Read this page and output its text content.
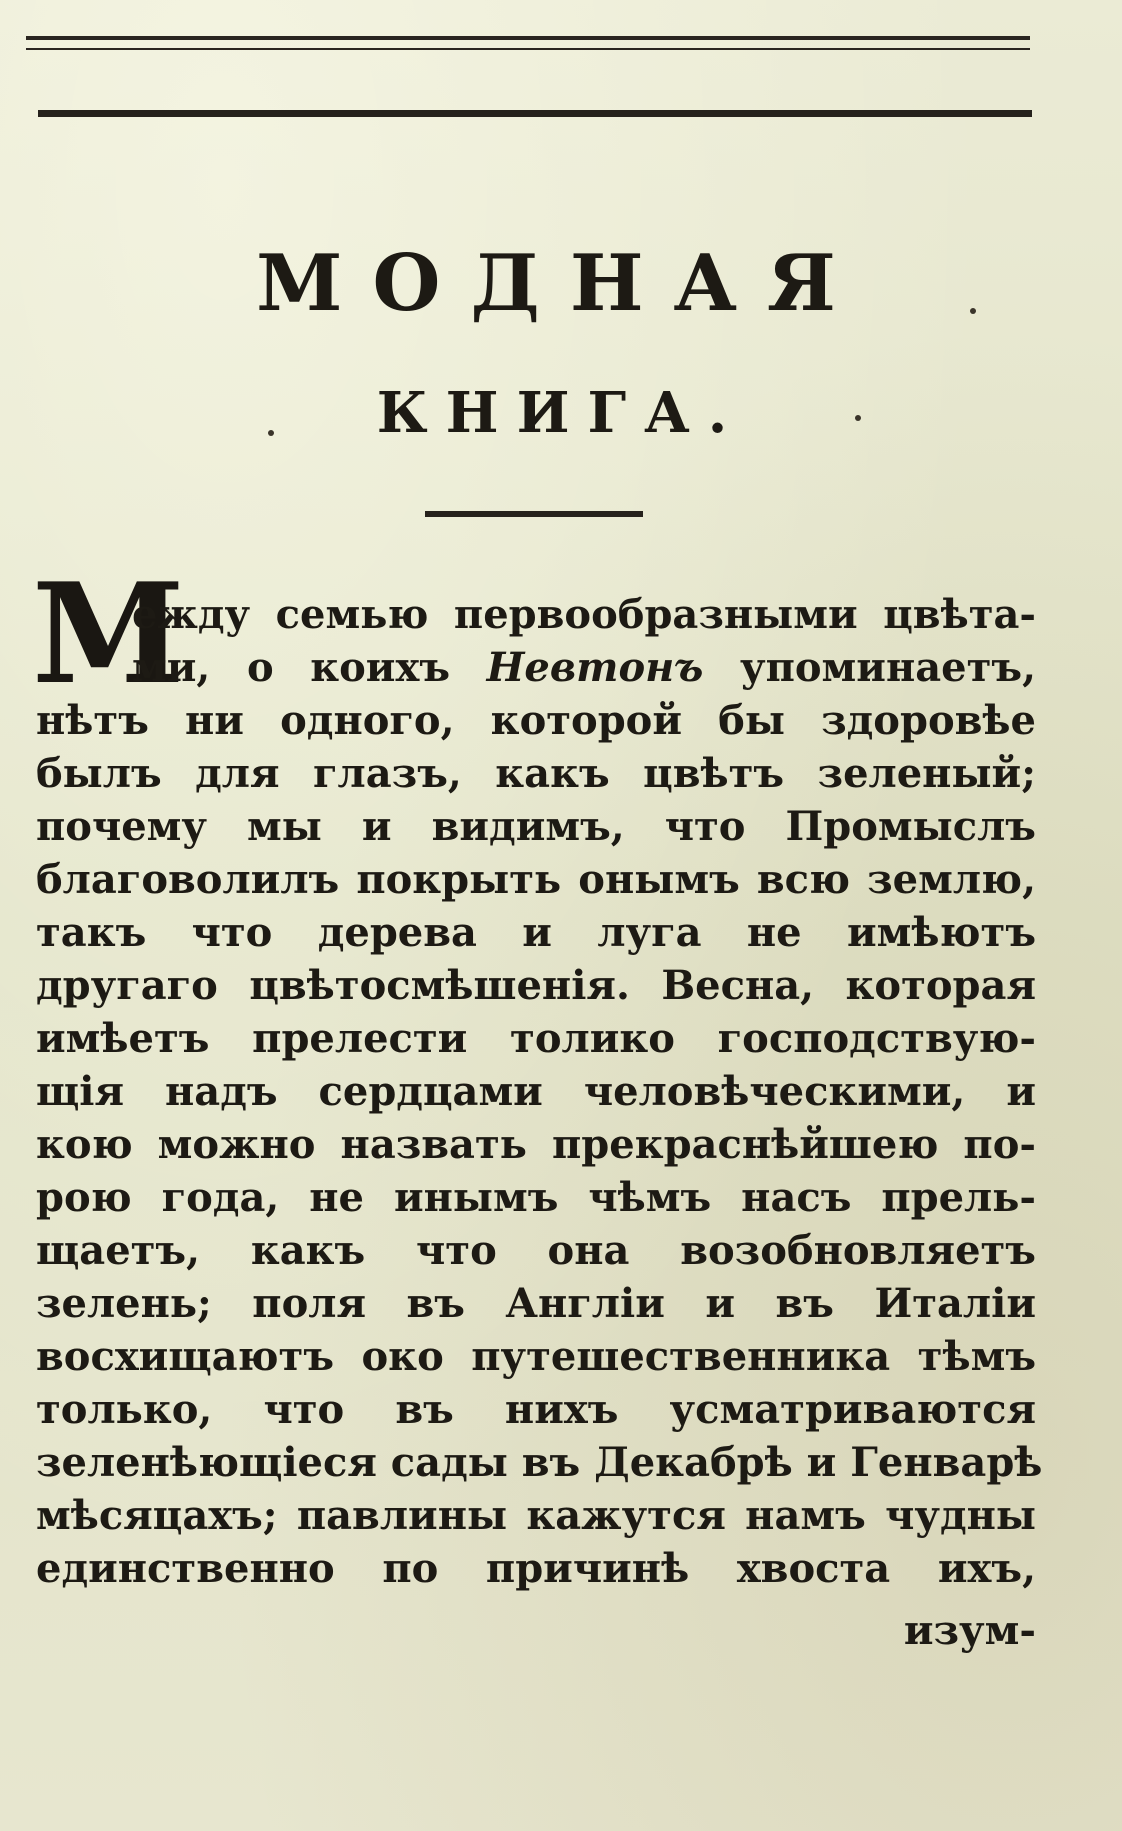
МОДНАЯ
КНИГА.
М
ежду семью первообразными цвѣта-
ми, о коихъ Невтонъ упоминаетъ,
нѣтъ ни одного, которой бы здоровѣе
былъ для глазъ, какъ цвѣтъ зеленый;
почему мы и видимъ, что Промыслъ
благоволилъ покрыть онымъ всю землю,
такъ что дерева и луга не имѣютъ
другаго цвѣтосмѣшенія. Весна, которая
имѣетъ прелести толико господствую-
щія надъ сердцами человѣческими, и
кою можно назвать прекраснѣйшею по-
рою года, не инымъ чѣмъ насъ прель-
щаетъ, какъ что она возобновляетъ
зелень; поля въ Англіи и въ Италіи
восхищаютъ око путешественника тѣмъ
только, что въ нихъ усматриваются
зеленѣющіеся сады въ Декабрѣ и Генварѣ
мѣсяцахъ; павлины кажутся намъ чудны
единственно по причинѣ хвоста ихъ,
изум-
